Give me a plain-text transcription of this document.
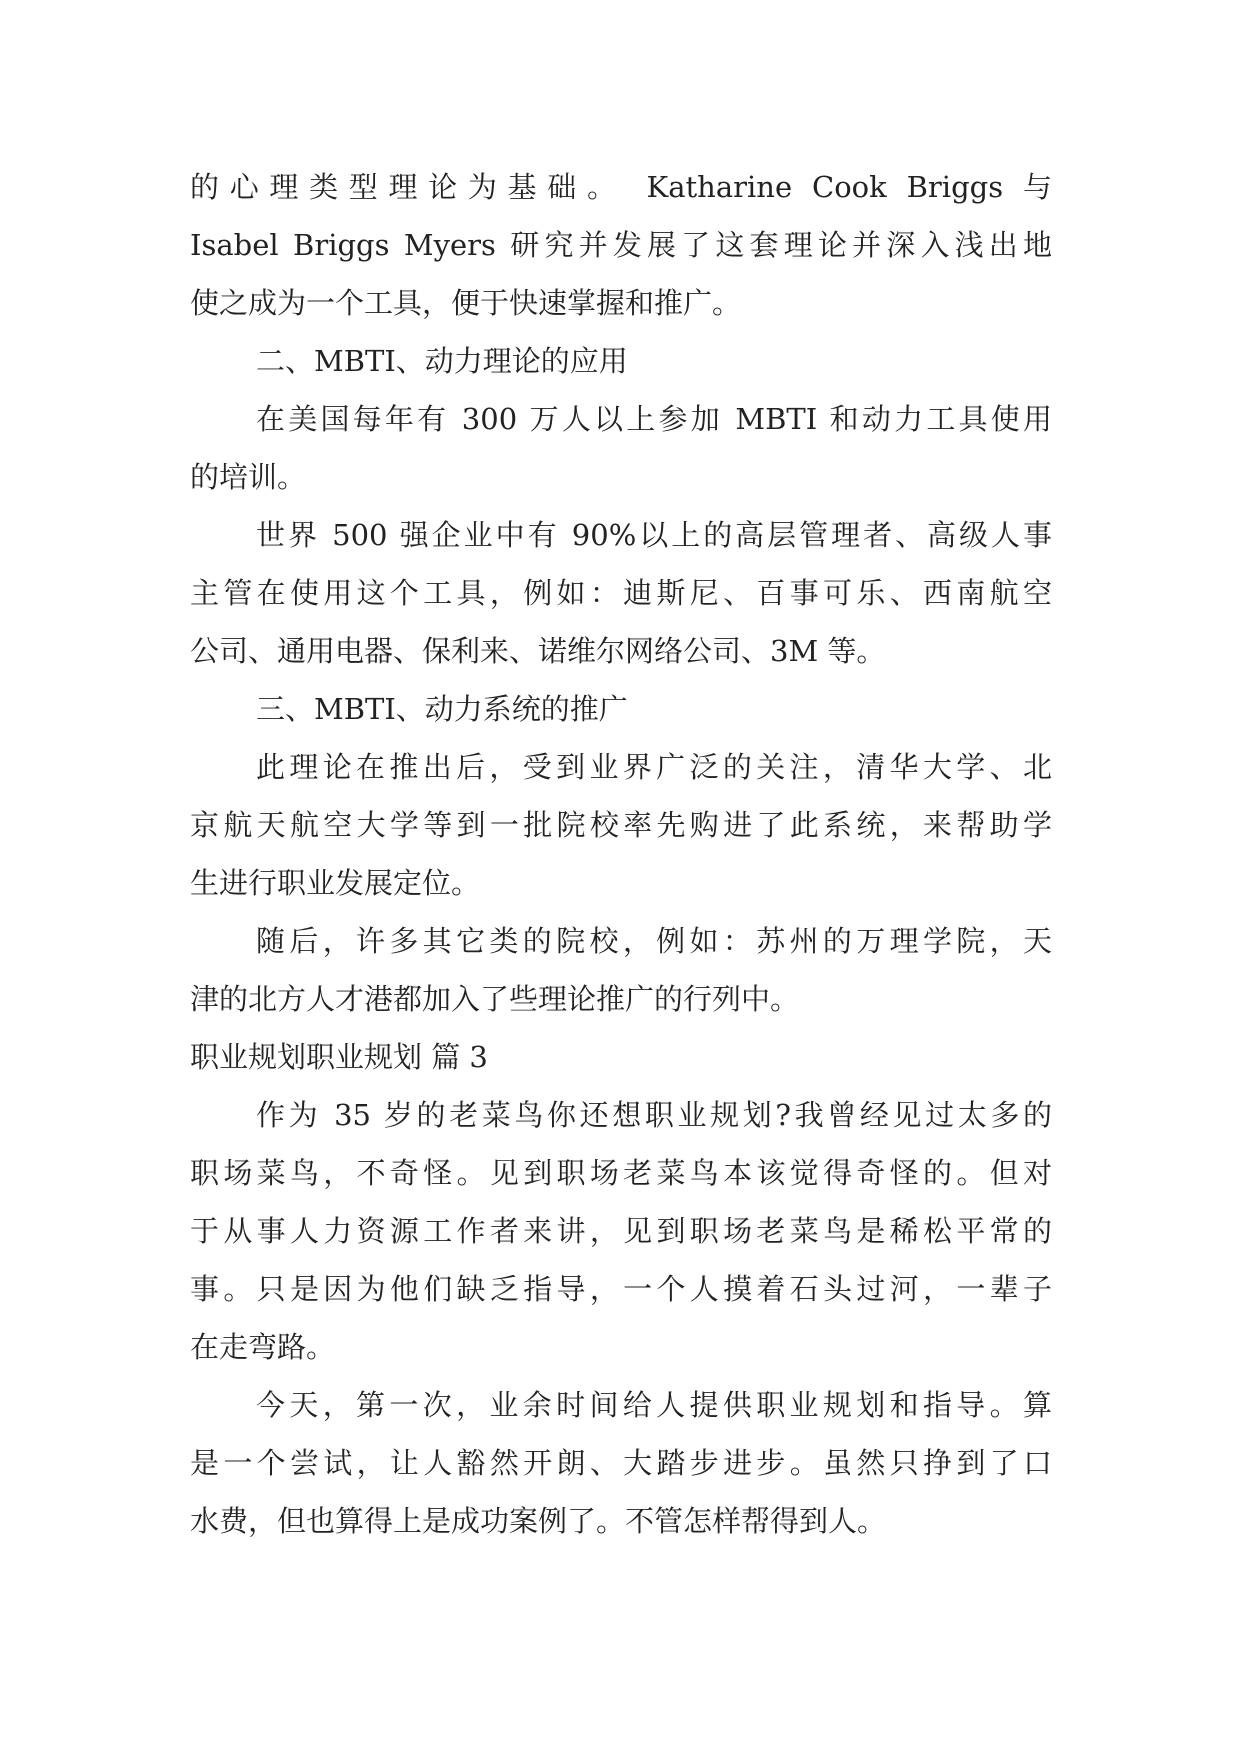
的心理类型理论为基础。 Katharine Cook Briggs 与

Isabel Briggs Myers 研究并发展了这套理论并深入浅出地

使之成为一个工具，便于快速掌握和推广。

二、MBTI、动力理论的应用

在美国每年有 300 万人以上参加 MBTI 和动力工具使用

的培训。

世界 500 强企业中有 90%以上的高层管理者、高级人事

主管在使用这个工具，例如：迪斯尼、百事可乐、西南航空

公司、通用电器、保利来、诺维尔网络公司、3M 等。

三、MBTI、动力系统的推广

此理论在推出后，受到业界广泛的关注，清华大学、北

京航天航空大学等到一批院校率先购进了此系统，来帮助学

生进行职业发展定位。

随后，许多其它类的院校，例如：苏州的万理学院，天

津的北方人才港都加入了些理论推广的行列中。

职业规划职业规划 篇 3

作为 35 岁的老菜鸟你还想职业规划?我曾经见过太多的

职场菜鸟，不奇怪。见到职场老菜鸟本该觉得奇怪的。但对

于从事人力资源工作者来讲，见到职场老菜鸟是稀松平常的

事。只是因为他们缺乏指导，一个人摸着石头过河，一辈子

在走弯路。

今天，第一次，业余时间给人提供职业规划和指导。算

是一个尝试，让人豁然开朗、大踏步进步。虽然只挣到了口

水费，但也算得上是成功案例了。不管怎样帮得到人。
